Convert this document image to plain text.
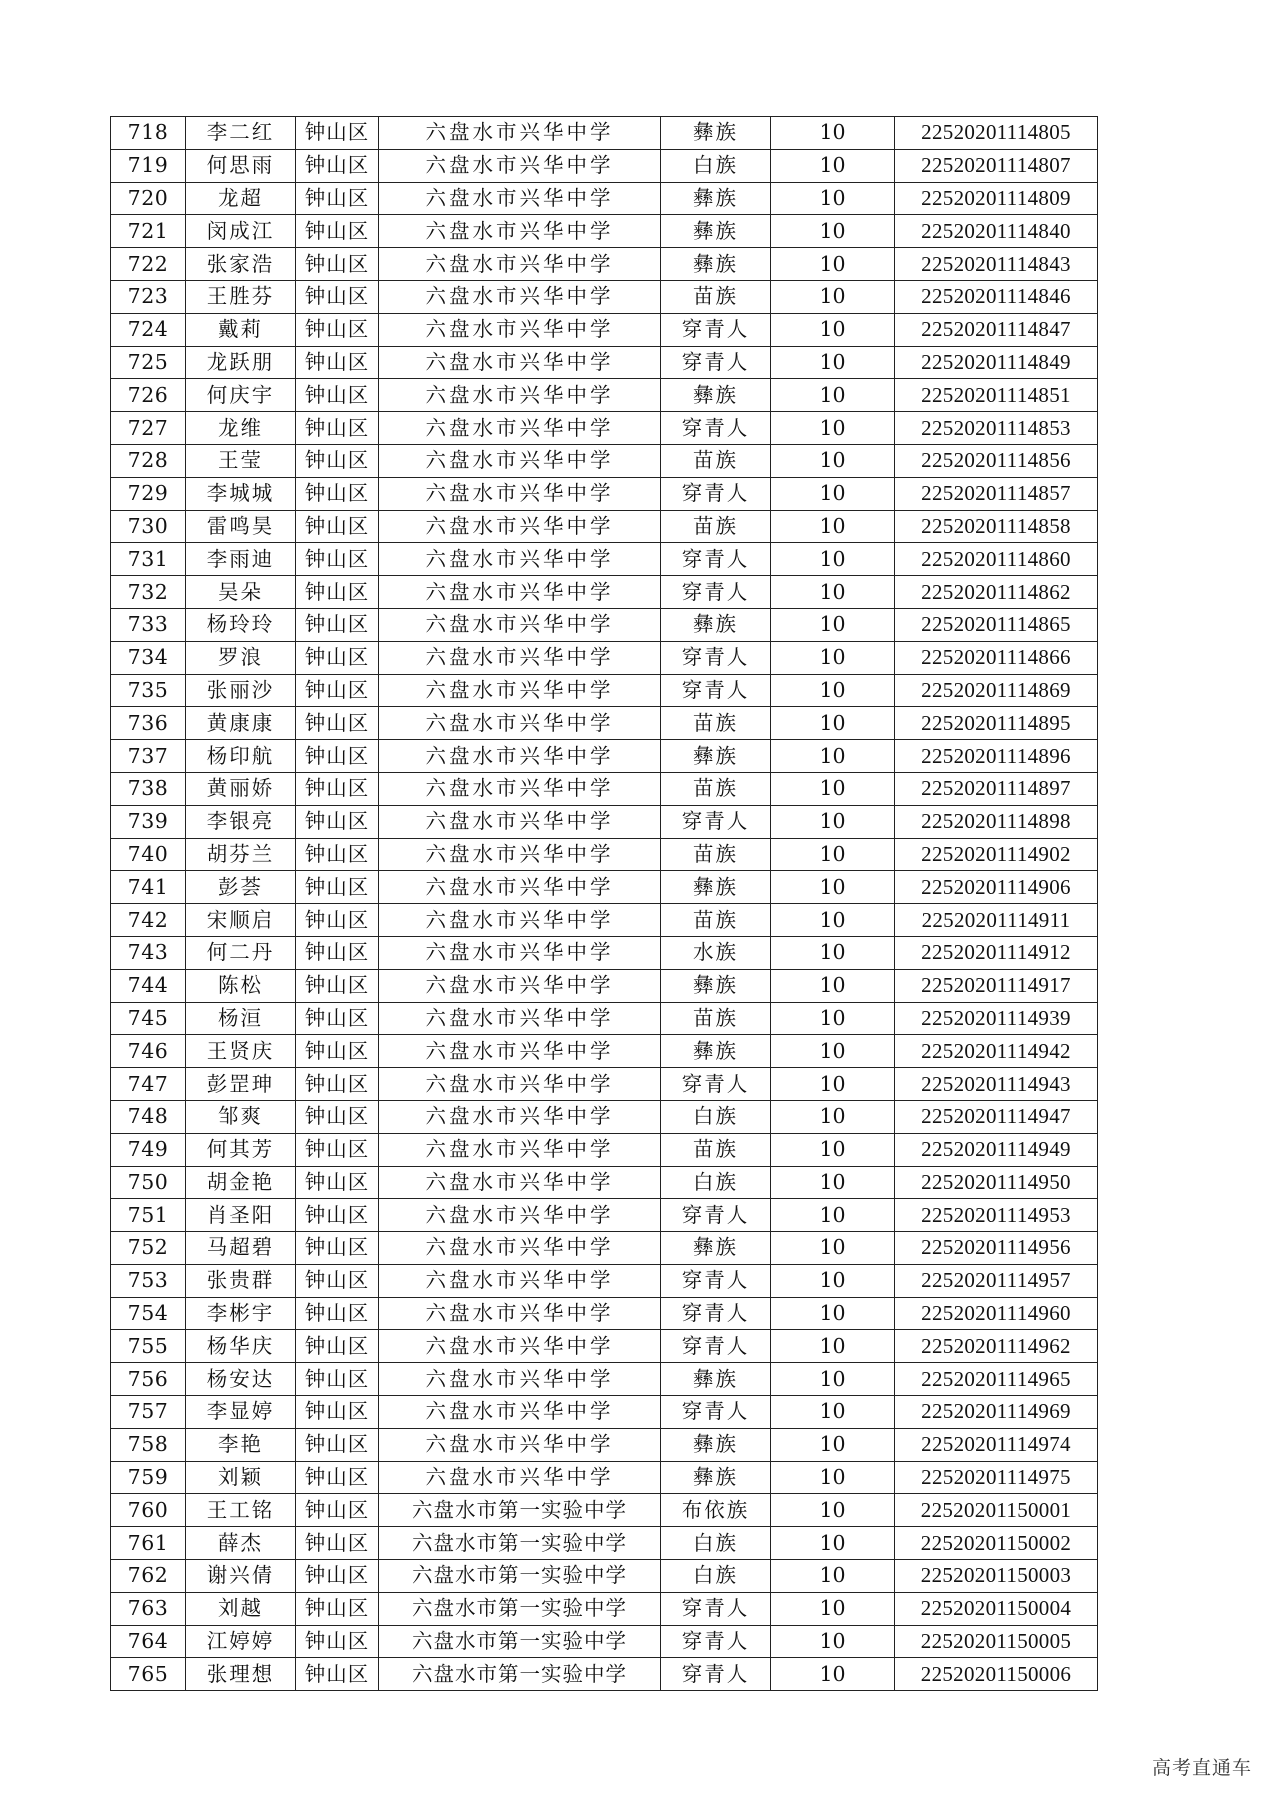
718	李二红	钟山区	六盘水市兴华中学	彝族	10	22520201114805
719	何思雨	钟山区	六盘水市兴华中学	白族	10	22520201114807
720	龙超	钟山区	六盘水市兴华中学	彝族	10	22520201114809
721	闵成江	钟山区	六盘水市兴华中学	彝族	10	22520201114840
722	张家浩	钟山区	六盘水市兴华中学	彝族	10	22520201114843
723	王胜芬	钟山区	六盘水市兴华中学	苗族	10	22520201114846
724	戴莉	钟山区	六盘水市兴华中学	穿青人	10	22520201114847
725	龙跃朋	钟山区	六盘水市兴华中学	穿青人	10	22520201114849
726	何庆宇	钟山区	六盘水市兴华中学	彝族	10	22520201114851
727	龙维	钟山区	六盘水市兴华中学	穿青人	10	22520201114853
728	王莹	钟山区	六盘水市兴华中学	苗族	10	22520201114856
729	李城城	钟山区	六盘水市兴华中学	穿青人	10	22520201114857
730	雷鸣昊	钟山区	六盘水市兴华中学	苗族	10	22520201114858
731	李雨迪	钟山区	六盘水市兴华中学	穿青人	10	22520201114860
732	吴朵	钟山区	六盘水市兴华中学	穿青人	10	22520201114862
733	杨玲玲	钟山区	六盘水市兴华中学	彝族	10	22520201114865
734	罗浪	钟山区	六盘水市兴华中学	穿青人	10	22520201114866
735	张丽沙	钟山区	六盘水市兴华中学	穿青人	10	22520201114869
736	黄康康	钟山区	六盘水市兴华中学	苗族	10	22520201114895
737	杨印航	钟山区	六盘水市兴华中学	彝族	10	22520201114896
738	黄丽娇	钟山区	六盘水市兴华中学	苗族	10	22520201114897
739	李银亮	钟山区	六盘水市兴华中学	穿青人	10	22520201114898
740	胡芬兰	钟山区	六盘水市兴华中学	苗族	10	22520201114902
741	彭荟	钟山区	六盘水市兴华中学	彝族	10	22520201114906
742	宋顺启	钟山区	六盘水市兴华中学	苗族	10	22520201114911
743	何二丹	钟山区	六盘水市兴华中学	水族	10	22520201114912
744	陈松	钟山区	六盘水市兴华中学	彝族	10	22520201114917
745	杨洹	钟山区	六盘水市兴华中学	苗族	10	22520201114939
746	王贤庆	钟山区	六盘水市兴华中学	彝族	10	22520201114942
747	彭罡珅	钟山区	六盘水市兴华中学	穿青人	10	22520201114943
748	邹爽	钟山区	六盘水市兴华中学	白族	10	22520201114947
749	何其芳	钟山区	六盘水市兴华中学	苗族	10	22520201114949
750	胡金艳	钟山区	六盘水市兴华中学	白族	10	22520201114950
751	肖圣阳	钟山区	六盘水市兴华中学	穿青人	10	22520201114953
752	马超碧	钟山区	六盘水市兴华中学	彝族	10	22520201114956
753	张贵群	钟山区	六盘水市兴华中学	穿青人	10	22520201114957
754	李彬宇	钟山区	六盘水市兴华中学	穿青人	10	22520201114960
755	杨华庆	钟山区	六盘水市兴华中学	穿青人	10	22520201114962
756	杨安达	钟山区	六盘水市兴华中学	彝族	10	22520201114965
757	李显婷	钟山区	六盘水市兴华中学	穿青人	10	22520201114969
758	李艳	钟山区	六盘水市兴华中学	彝族	10	22520201114974
759	刘颖	钟山区	六盘水市兴华中学	彝族	10	22520201114975
760	王工铭	钟山区	六盘水市第一实验中学	布依族	10	22520201150001
761	薛杰	钟山区	六盘水市第一实验中学	白族	10	22520201150002
762	谢兴倩	钟山区	六盘水市第一实验中学	白族	10	22520201150003
763	刘越	钟山区	六盘水市第一实验中学	穿青人	10	22520201150004
764	江婷婷	钟山区	六盘水市第一实验中学	穿青人	10	22520201150005
765	张理想	钟山区	六盘水市第一实验中学	穿青人	10	22520201150006
高考直通车
